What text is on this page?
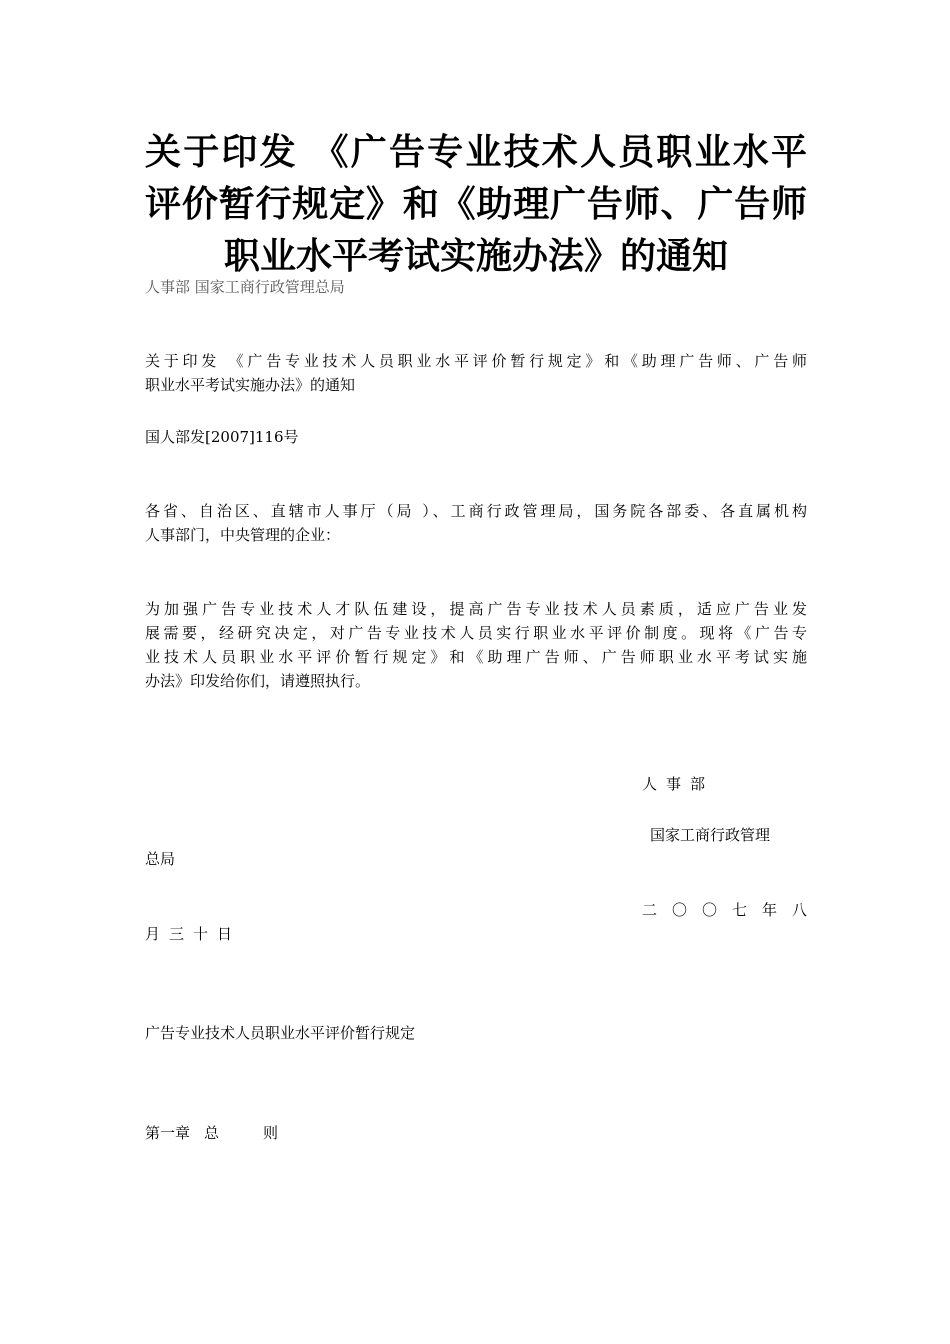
关于印发 《广告专业技术人员职业水平
评价暂行规定》和《助理广告师、广告师
职业水平考试实施办法》的通知
人事部 国家工商行政管理总局
关于印发 《广告专业技术人员职业水平评价暂行规定》和《助理广告师、广告师
职业水平考试实施办法》的通知
国人部发[2007]116号
各省、自治区、直辖市人事厅（局 ）、工商行政管理局，国务院各部委、各直属机构
人事部门，中央管理的企业：
为加强广告专业技术人才队伍建设，提高广告专业技术人员素质，适应广告业发
展需要，经研究决定，对广告专业技术人员实行职业水平评价制度。现将《广告专
业技术人员职业水平评价暂行规定》和《助理广告师、广告师职业水平考试实施
办法》印发给你们，请遵照执行。
人事部
国家工商行政管理
总局
二 〇 〇 七 年 八
月三十日
广告专业技术人员职业水平评价暂行规定
第一章 总	则
